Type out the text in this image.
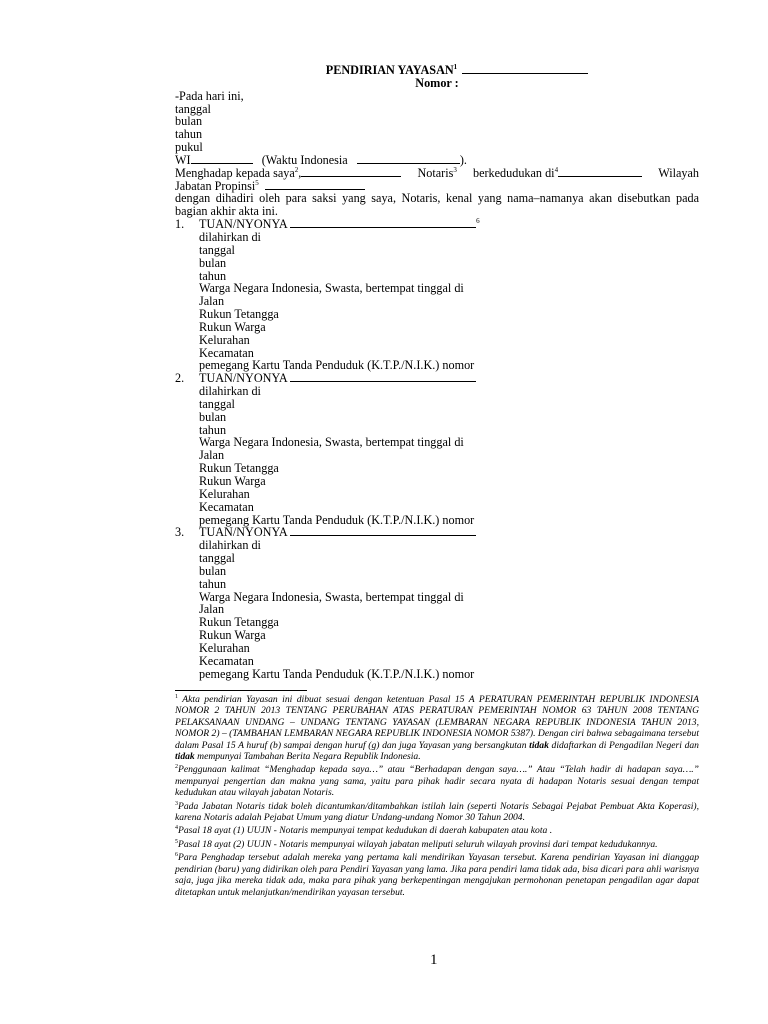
PENDIRIAN YAYASAN$^1$
Nomor :
-Pada hari ini,
tanggal
bulan
tahun
pukul
WI	(Waktu Indonesia	).
Menghadap kepada saya$^2$,	Notaris$^3$ berkedudukan $di^4$	Wilayah
Jabatan Propinsi$^5$
dengan dihadiri oleh para saksi yang saya, Notaris, kenal yang nama–namanya akan disebutkan pada bagian akhir akta ini.
1. TUAN/NYONYA	$^6$
dilahirkan di
tanggal
bulan
tahun
Warga Negara Indonesia, Swasta, bertempat tinggal di
Jalan
Rukun Tetangga
Rukun Warga
Kelurahan
Kecamatan
pemegang Kartu Tanda Penduduk (K.T.P./N.I.K.) nomor
2. TUAN/NYONYA
dilahirkan di
tanggal
bulan
tahun
Warga Negara Indonesia, Swasta, bertempat tinggal di
Jalan
Rukun Tetangga
Rukun Warga
Kelurahan
Kecamatan
pemegang Kartu Tanda Penduduk (K.T.P./N.I.K.) nomor
3. TUAN/NYONYA
dilahirkan di
tanggal
bulan
tahun
Warga Negara Indonesia, Swasta, bertempat tinggal di
Jalan
Rukun Tetangga
Rukun Warga
Kelurahan
Kecamatan
pemegang Kartu Tanda Penduduk (K.T.P./N.I.K.) nomor
$^1$ Akta pendirian Yayasan ini dibuat sesuai dengan ketentuan Pasal 15 A PERATURAN PEMERINTAH REPUBLIK INDONESIA NOMOR 2 TAHUN 2013 TENTANG PERUBAHAN ATAS PERATURAN PEMERINTAH NOMOR 63 TAHUN 2008 TENTANG PELAKSANAAN UNDANG – UNDANG TENTANG YAYASAN (LEMBARAN NEGARA REPUBLIK INDONESIA TAHUN 2013, NOMOR 2) – (TAMBAHAN LEMBARAN NEGARA REPUBLIK INDONESIA NOMOR 5387). Dengan ciri bahwa sebagaimana tersebut dalam Pasal 15 A huruf (b) sampai dengan huruf (g) dan juga Yayasan yang bersangkutan tidak didaftarkan di Pengadilan Negeri dan tidak mempunyai Tambahan Berita Negara Republik Indonesia.
$^2$Penggunaan kalimat “Menghadap kepada saya…” atau “Berhadapan dengan saya….” Atau “Telah hadir di hadapan saya….” mempunyai pengertian dan makna yang sama, yaitu para pihak hadir secara nyata di hadapan Notaris sesuai dengan tempat kedudukan atau wilayah jabatan Notaris.
$^3$Pada Jabatan Notaris tidak boleh dicantumkan/ditambahkan istilah lain (seperti Notaris Sebagai Pejabat Pembuat Akta Koperasi), karena Notaris adalah Pejabat Umum yang diatur Undang-undang Nomor 30 Tahun 2004.
$^4$Pasal 18 ayat (1) UUJN - Notaris mempunyai tempat kedudukan di daerah kabupaten atau kota .
$^5$Pasal 18 ayat (2) UUJN - Notaris mempunyai wilayah jabatan meliputi seluruh wilayah provinsi dari tempat kedudukannya.
$^6$Para Penghadap tersebut adalah mereka yang pertama kali mendirikan Yayasan tersebut. Karena pendirian Yayasan ini dianggap pendirian (baru) yang didirikan oleh para Pendiri Yayasan yang lama. Jika para pendiri lama tidak ada, bisa dicari para ahli warisnya saja, juga jika mereka tidak ada, maka para pihak yang berkepentingan mengajukan permohonan penetapan pengadilan agar dapat ditetapkan untuk melanjutkan/mendirikan yayasan tersebut.
1
